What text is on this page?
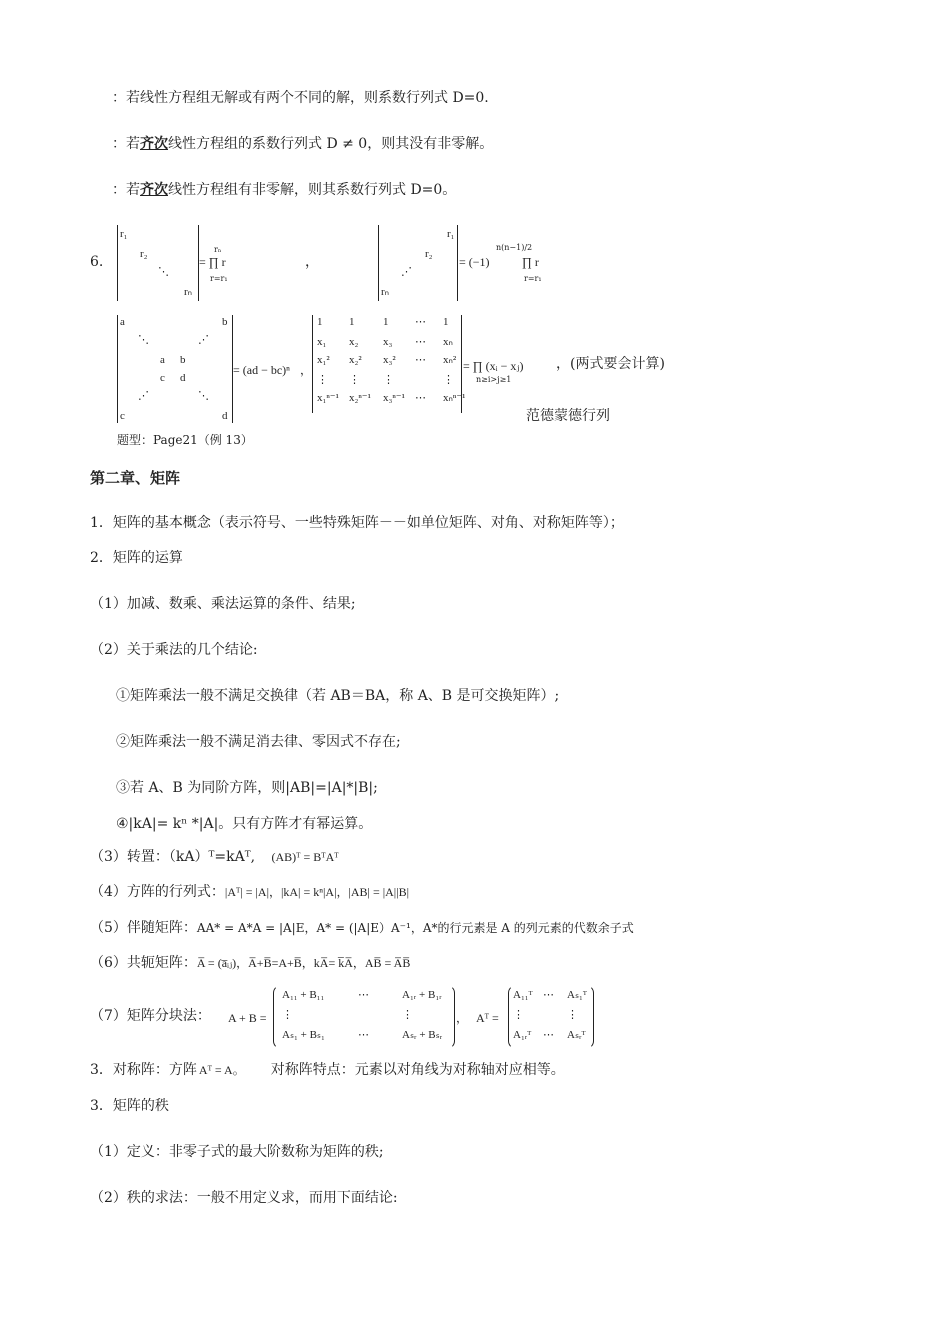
：若线性方程组无解或有两个不同的解，则系数行列式 D=0.
：若齐次线性方程组的系数行列式 D ≠ 0，则其没有非零解。
：若齐次线性方程组有非零解，则其系数行列式 D=0。
6.
r₁
r₂
⋱
rₙ
= ∏ r
rₙ
r=r₁
，
r₁
r₂
⋰
rₙ
= (−1)
n(n−1)/2
∏ r
r=r₁
a	b
⋱	⋰
a b
c d
⋰	⋱
c	d
= (ad − bc)ⁿ ，
1 1	1 ⋯ 1
x₁ x₂ x₃ ⋯ xₙ
x₁² x₂² x₃² ⋯ xₙ²
⋮ ⋮ ⋮	⋮
x₁ⁿ⁻¹ x₂ⁿ⁻¹ x₃ⁿ⁻¹ ⋯ xₙⁿ⁻¹
= ∏ (xᵢ − xⱼ)
n≥i>j≥1
，(两式要会计算)
范德蒙德行列
题型：Page21（例 13）
第二章、矩阵
1．矩阵的基本概念（表示符号、一些特殊矩阵－－如单位矩阵、对角、对称矩阵等）；
2．矩阵的运算
（1）加减、数乘、乘法运算的条件、结果;
（2）关于乘法的几个结论:
①矩阵乘法一般不满足交换律（若 AB＝BA，称 A、B 是可交换矩阵）;
②矩阵乘法一般不满足消去律、零因式不存在;
③若 A、B 为同阶方阵，则|AB|=|A|*|B|;
④|kA|= kⁿ *|A|。只有方阵才有幂运算。
（3）转置：（kA）ᵀ=kAᵀ, (AB)ᵀ = BᵀAᵀ
（4）方阵的行列式：|Aᵀ| = |A|，|kA| = kⁿ|A|，|AB| = |A||B|
（5）伴随矩阵：AA* = A*A = |A|E，A* = (|A|E）A⁻¹，A*的行元素是 A 的列元素的代数余子式
（6）共轭矩阵：A̅ = (a̅ᵢⱼ)，A̅+B̅=A+B̅，kA̅= k̅A̅，AB̅ = A̅B̅
（7）矩阵分块法： A + B =
A₁₁ + B₁₁	⋯	A₁ᵣ + B₁ᵣ
⋮	⋮
Aₛ₁ + Bₛ₁	⋯	Aₛᵣ + Bₛᵣ
， Aᵀ =
A₁₁ᵀ ⋯ Aₛ₁ᵀ
⋮	⋮
A₁ᵣᵀ ⋯ Aₛᵣᵀ
3．对称阵：方阵 Aᵀ = A。 对称阵特点：元素以对角线为对称轴对应相等。
3．矩阵的秩
（1）定义：非零子式的最大阶数称为矩阵的秩;
（2）秩的求法：一般不用定义求，而用下面结论:
